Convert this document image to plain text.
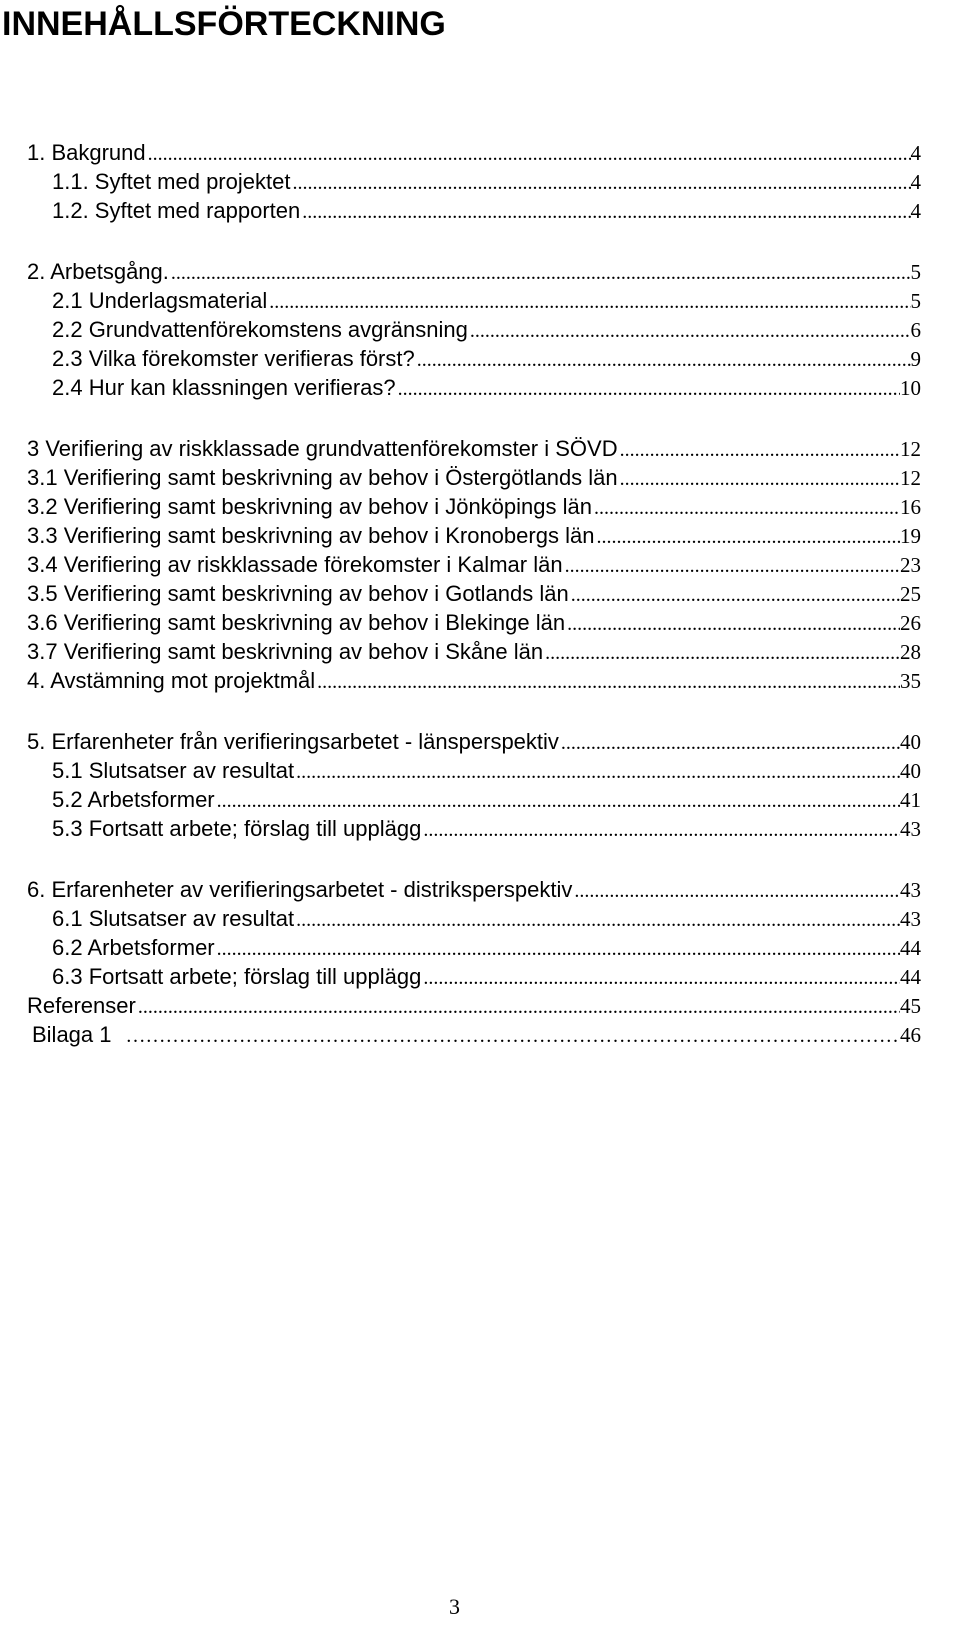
INNEHÅLLSFÖRTECKNING
1. Bakgrund .....	4
1.1. Syftet med projektet .....	4
1.2. Syftet med rapporten .....	4
2. Arbetsgång. .....	5
2.1 Underlagsmaterial .....	5
2.2 Grundvattenförekomstens avgränsning .....	6
2.3 Vilka förekomster verifieras först? .....	9
2.4 Hur kan klassningen verifieras? .....	10
3 Verifiering av riskklassade grundvattenförekomster i SÖVD .....	12
3.1 Verifiering samt beskrivning av behov i Östergötlands län .....	12
3.2 Verifiering samt beskrivning av behov i Jönköpings län .....	16
3.3 Verifiering samt beskrivning av behov i Kronobergs län .....	19
3.4 Verifiering av riskklassade förekomster i Kalmar län .....	23
3.5 Verifiering samt beskrivning av behov i Gotlands län .....	25
3.6 Verifiering samt beskrivning av behov i Blekinge län .....	26
3.7 Verifiering samt beskrivning av behov i Skåne län .....	28
4. Avstämning mot projektmål .....	35
5. Erfarenheter från verifieringsarbetet - länsperspektiv .....	40
5.1 Slutsatser av resultat .....	40
5.2 Arbetsformer .....	41
5.3 Fortsatt arbete; förslag till upplägg .....	43
6. Erfarenheter av verifieringsarbetet - distriksperspektiv .....	43
6.1 Slutsatser av resultat .....	43
6.2 Arbetsformer .....	44
6.3 Fortsatt arbete; förslag till upplägg .....	44
Referenser .....	45
Bilaga 1 …………………………………………………………………………………………………………………………………	46
3
